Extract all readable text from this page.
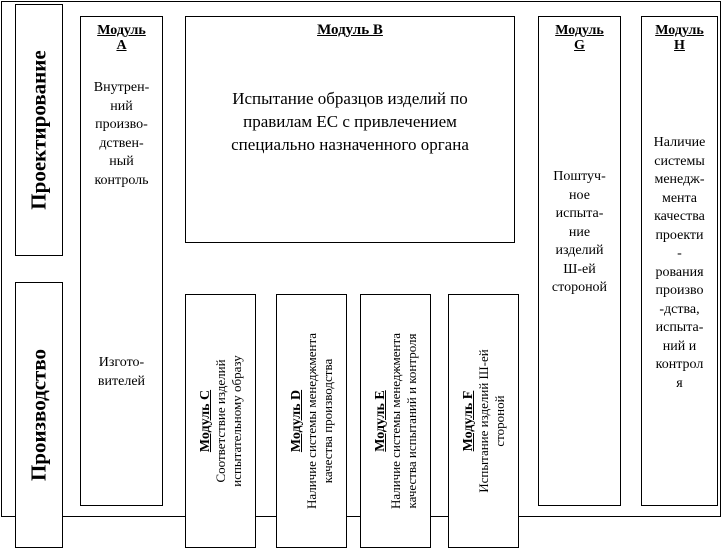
Проектирование
Производство
Модуль
А
Внутрен-
ний
произво-
дствен-
ный
контроль
Изгото-
вителей
Модуль В
Испытание образцов изделий по
правилам ЕС с привлечением
специально назначенного органа
Модуль
G
Поштуч-
ное
испыта-
ние
изделий
Ш-ей
стороной
Модуль
Н
Наличие
системы
менедж-
мента
качества
проекти
-
рования
произво
-дства,
испыта-
ний и
контрол
я
Модуль С Соответствие изделий испытательному образу	Модуль D Наличие системы менеджмента качества производства	Модуль E Наличие системы менеджмента качества испытаний и контроля	Модуль F Испытание изделий Ш-ей стороной
